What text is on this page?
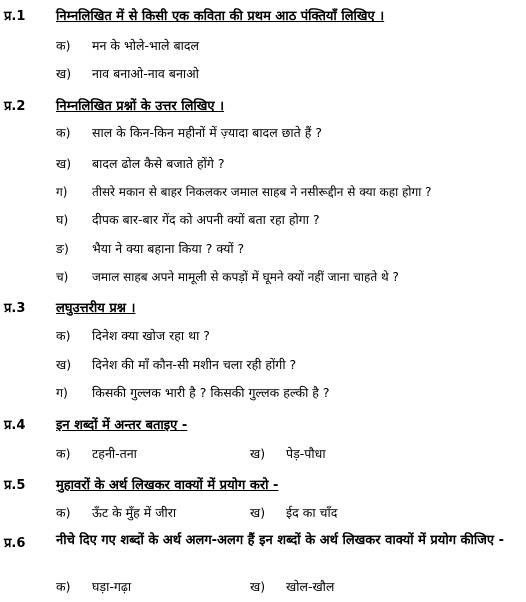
प्र.1 निम्नलिखित में से किसी एक कविता की प्रथम आठ पंक्तियाँ लिखिए ।
क) मन के भोले-भाले बादल
ख) नाव बनाओ-नाव बनाओ
प्र.2 निम्नलिखित प्रश्नों के उत्तर लिखिए ।
क) साल के किन-किन महीनों में ज़्यादा बादल छाते हैं ?
ख) बादल ढोल कैसे बजाते होंगे ?
ग) तीसरे मकान से बाहर निकलकर जमाल साहब ने नसीरूद्दीन से क्या कहा होगा ?
घ) दीपक बार-बार गेंद को अपनी क्यों बता रहा होगा ?
ङ) भैया ने क्या बहाना किया ? क्यों ?
च) जमाल साहब अपने मामूली से कपड़ों में घूमने क्यों नहीं जाना चाहते थे ?
प्र.3 लघुउत्तरीय प्रश्न ।
क) दिनेश क्या खोज रहा था ?
ख) दिनेश की माँ कौन-सी मशीन चला रही होंगी ?
ग) किसकी गुल्लक भारी है ? किसकी गुल्लक हल्की है ?
प्र.4 इन शब्दों में अन्तर बताइए -
क) टहनी-तना	ख) पेड़-पौधा
प्र.5 मुहावरों के अर्थ लिखकर वाक्यों में प्रयोग करो -
क) ऊँट के मुँह में जीरा	ख) ईद का चाँद
प्र.6 नीचे दिए गए शब्दों के अर्थ अलग-अलग हैं इन शब्दों के अर्थ लिखकर वाक्यों में प्रयोग कीजिए -
क) घड़ा-गढ़ा	ख) खोल-खौल
